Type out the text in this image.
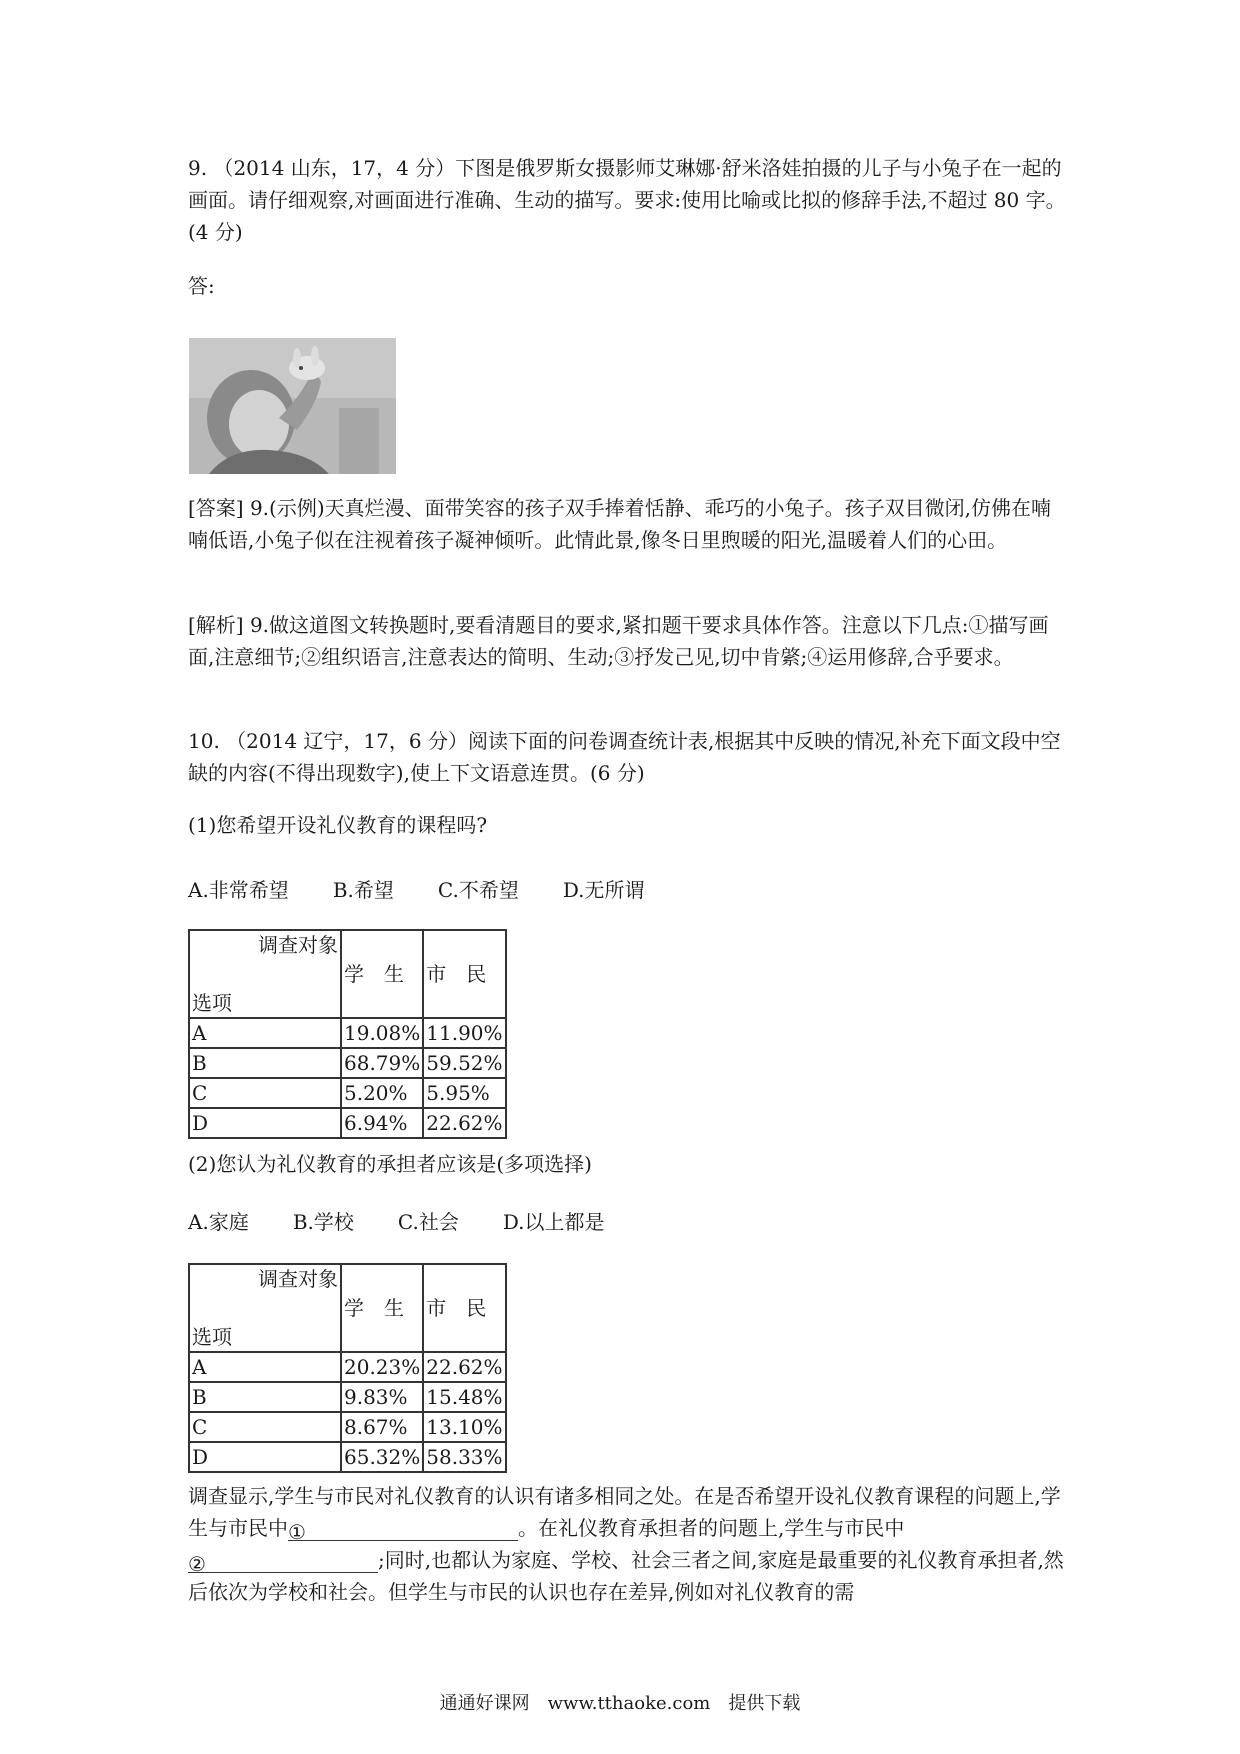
9. （2014 山东，17，4 分）下图是俄罗斯女摄影师艾琳娜·舒米洛娃拍摄的儿子与小兔子在一起的画面。请仔细观察,对画面进行准确、生动的描写。要求:使用比喻或比拟的修辞手法,不超过 80 字。(4 分)

答:

[答案] 9.(示例)天真烂漫、面带笑容的孩子双手捧着恬静、乖巧的小兔子。孩子双目微闭,仿佛在喃喃低语,小兔子似在注视着孩子凝神倾听。此情此景,像冬日里煦暖的阳光,温暖着人们的心田。

[解析] 9.做这道图文转换题时,要看清题目的要求,紧扣题干要求具体作答。注意以下几点:①描写画面,注意细节;②组织语言,注意表达的简明、生动;③抒发己见,切中肯綮;④运用修辞,合乎要求。

10. （2014 辽宁，17，6 分）阅读下面的问卷调查统计表,根据其中反映的情况,补充下面文段中空缺的内容(不得出现数字),使上下文语意连贯。(6 分)

(1)您希望开设礼仪教育的课程吗?

A.非常希望 B.希望 C.不希望 D.无所谓
调查对象
选项	学　生	市　民
A	19.08%	11.90%
B	68.79%	59.52%
C	5.20%	5.95%
D	6.94%	22.62%

(2)您认为礼仪教育的承担者应该是(多项选择)

A.家庭 B.学校 C.社会 D.以上都是
调查对象
选项	学　生	市　民
A	20.23%	22.62%
B	9.83%	15.48%
C	8.67%	13.10%
D	65.32%	58.33%

调查显示,学生与市民对礼仪教育的认识有诸多相同之处。在是否希望开设礼仪教育课程的问题上,学生与市民中①	。在礼仪教育承担者的问题上,学生与市民中②	;同时,也都认为家庭、学校、社会三者之间,家庭是最重要的礼仪教育承担者,然后依次为学校和社会。但学生与市民的认识也存在差异,例如对礼仪教育的需

通通好课网　www.tthaoke.com　提供下载
